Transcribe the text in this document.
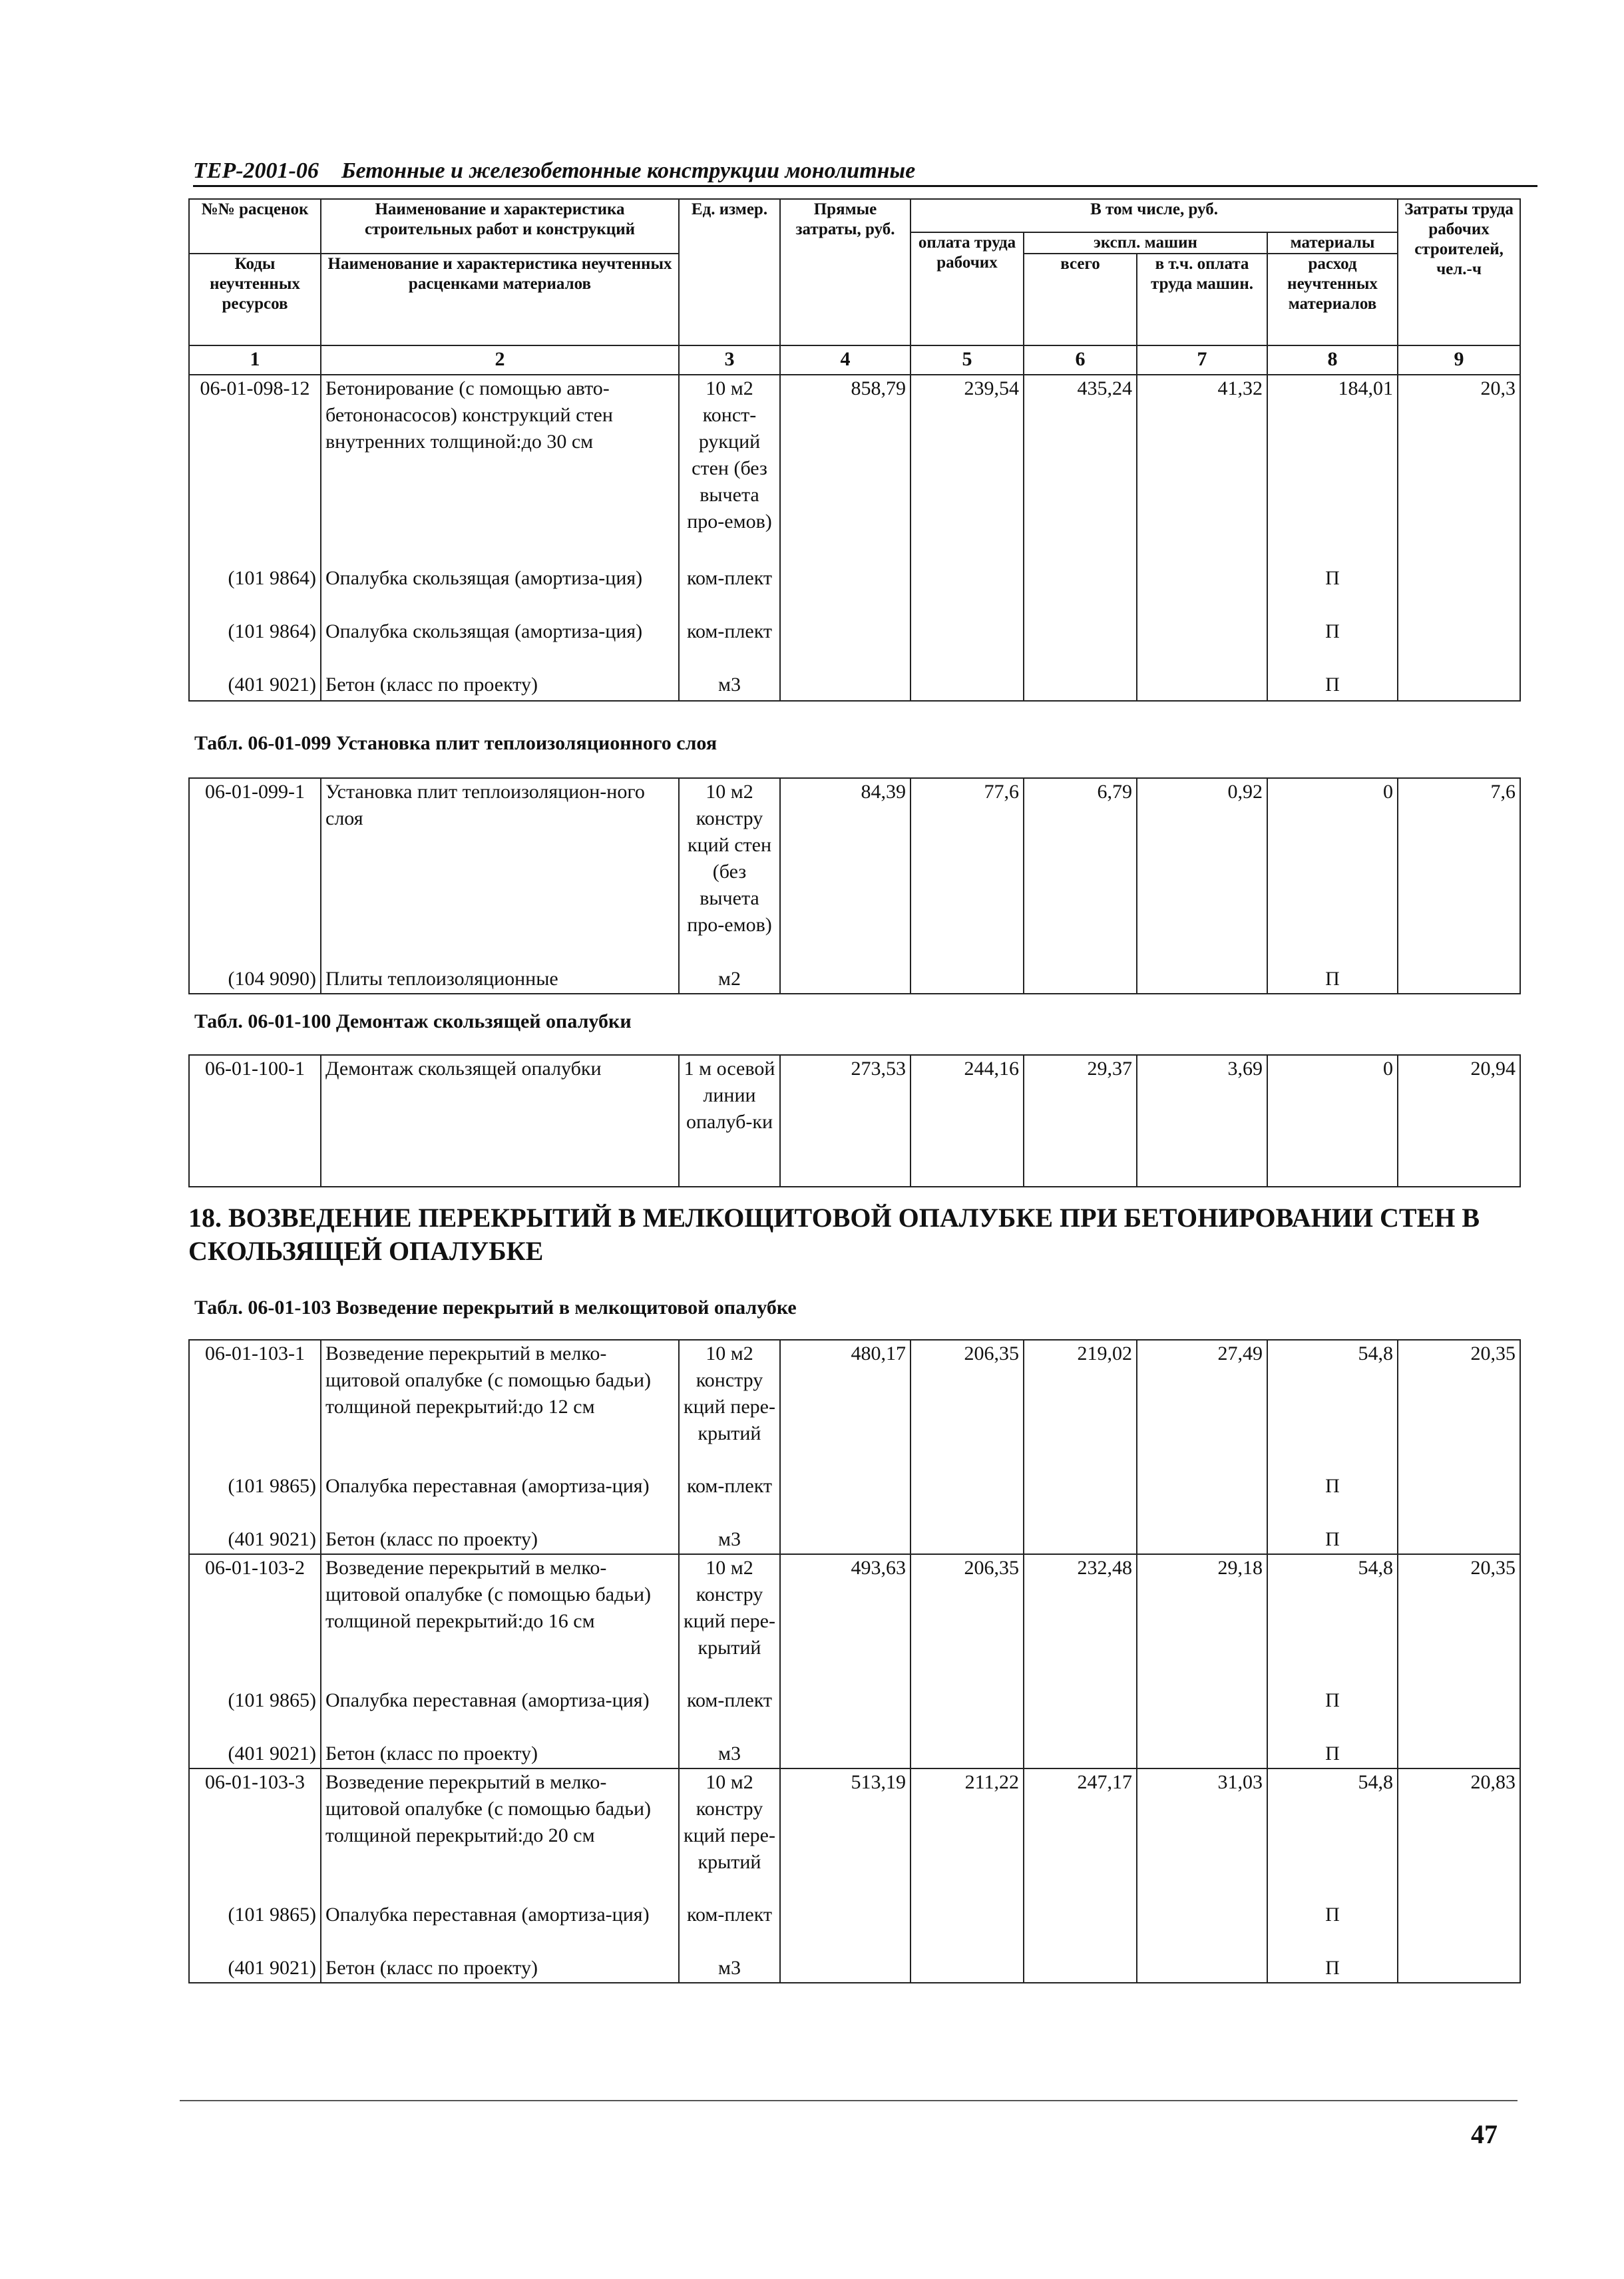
ТЕР-2001-06 Бетонные и железобетонные конструкции монолитные
№№ расценок	Наименование и характеристика строительных работ и конструкций	Ед. измер.	Прямые затраты, руб.	В том числе, руб.				Затраты труда рабочих строителей, чел.-ч
				оплата труда рабочих	экспл. машин		материалы	
Коды неучтенных ресурсов	Наименование и характеристика неучтенных расценками материалов				всего	в т.ч. оплата труда машин.	расход неучтенных материалов	

1	2	3	4	5	6	7	8	9
06-01-098-12	Бетонирование (с помощью авто-бетононасосов) конструкций стен внутренних толщиной:до 30 см	10 м2 конст-рукций стен (без вычета про-емов)	858,79	239,54	435,24	41,32	184,01	20,3
(101 9864)	Опалубка скользящая (амортиза-ция)	ком-плект					П	
(101 9864)	Опалубка скользящая (амортиза-ция)	ком-плект					П	
(401 9021)	Бетон (класс по проекту)	м3					П	
Табл. 06-01-099 Установка плит теплоизоляционного слоя
06-01-099-1	Установка плит теплоизоляцион-ного слоя	10 м2 констру кций стен (без вычета про-емов)	84,39	77,6	6,79	0,92	0	7,6
(104 9090)	Плиты теплоизоляционные	м2					П	
Табл. 06-01-100 Демонтаж скользящей опалубки
06-01-100-1	Демонтаж скользящей опалубки	1 м осевой линии опалуб-ки	273,53	244,16	29,37	3,69	0	20,94
18. ВОЗВЕДЕНИЕ ПЕРЕКРЫТИЙ В МЕЛКОЩИТОВОЙ ОПАЛУБКЕ ПРИ БЕТОНИРОВАНИИ СТЕН В СКОЛЬЗЯЩЕЙ ОПАЛУБКЕ
Табл. 06-01-103 Возведение перекрытий в мелкощитовой опалубке
06-01-103-1	Возведение перекрытий в мелко-щитовой опалубке (с помощью бадьи) толщиной перекрытий:до 12 см	10 м2 констру кций пере-крытий	480,17	206,35	219,02	27,49	54,8	20,35
(101 9865)	Опалубка переставная (амортиза-ция)	ком-плект					П	
(401 9021)	Бетон (класс по проекту)	м3					П	
06-01-103-2	Возведение перекрытий в мелко-щитовой опалубке (с помощью бадьи) толщиной перекрытий:до 16 см	10 м2 констру кций пере-крытий	493,63	206,35	232,48	29,18	54,8	20,35
(101 9865)	Опалубка переставная (амортиза-ция)	ком-плект					П	
(401 9021)	Бетон (класс по проекту)	м3					П	
06-01-103-3	Возведение перекрытий в мелко-щитовой опалубке (с помощью бадьи) толщиной перекрытий:до 20 см	10 м2 констру кций пере-крытий	513,19	211,22	247,17	31,03	54,8	20,83
(101 9865)	Опалубка переставная (амортиза-ция)	ком-плект					П	
(401 9021)	Бетон (класс по проекту)	м3					П	
47
